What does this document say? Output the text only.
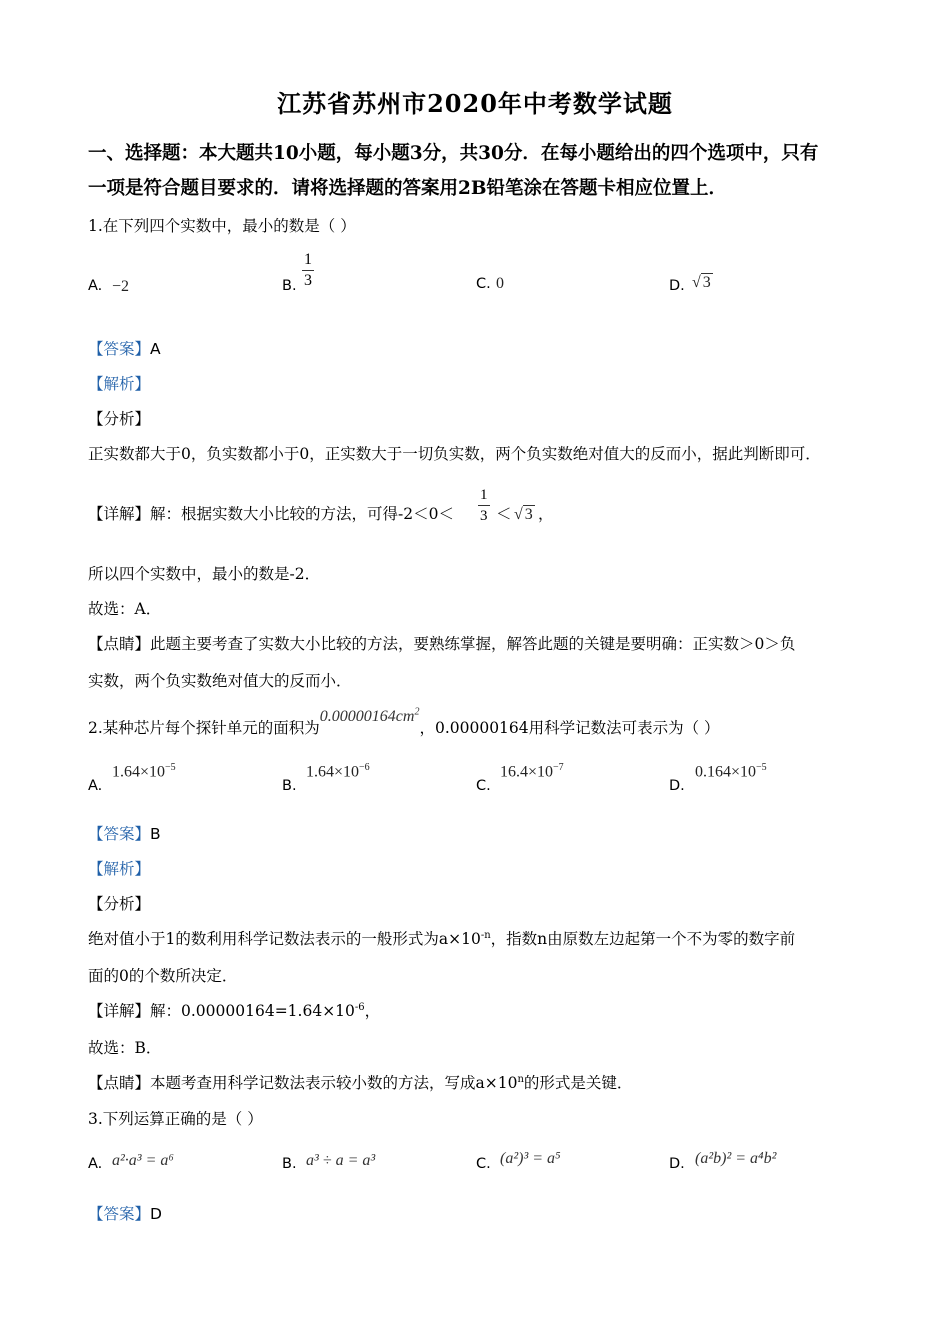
江苏省苏州市2020年中考数学试题
一、选择题：本大题共10小题，每小题3分，共30分．在每小题给出的四个选项中，只有
一项是符合题目要求的．请将选择题的答案用2B铅笔涂在答题卡相应位置上．
1.在下列四个实数中，最小的数是（ ）
A. −2	B. $\frac{1}{3}$	C. 0	D. √ 3
【答案】A
【解析】
【分析】
正实数都大于0，负实数都小于0，正实数大于一切负实数，两个负实数绝对值大的反而小，据此判断即可．
【详解】解：根据实数大小比较的方法，可得$-2<0< \frac{1}{3}$ ＜ √ 3 ，
所以四个实数中，最小的数是-2．
故选：A．
【点睛】此题主要考查了实数大小比较的方法，要熟练掌握，解答此题的关键是要明确：正实数＞0＞负
实数，两个负实数绝对值大的反而小．
2.某种芯片每个探针单元的面积为$0.00000164cm^2$，0.00000164用科学记数法可表示为（ ）
A.
$1.64\times 10^{-5}$
B.
$1.64\times 10^{-6}$
C.
$16.4\times 10^{-7}$
D.
$0.164\times 10^{-5}$
【答案】B
【解析】
【分析】
绝对值小于1的数利用科学记数法表示的一般形式为$a\times 10^{-n}$，指数n由原数左边起第一个不为零的数字前
面的0的个数所决定．
【详解】解：$0.00000164=1.64\times 10^{-6}$，
故选：B．
【点睛】本题考查用科学记数法表示较小数的方法，写成$a\times 10^n$的形式是关键．
3.下列运算正确的是（ ）
A. a²·a³ = a⁶	B. a³ ÷ a = a³	C. (a²)³ = a⁵	D. (a²b)² = a⁴b²
【答案】D
